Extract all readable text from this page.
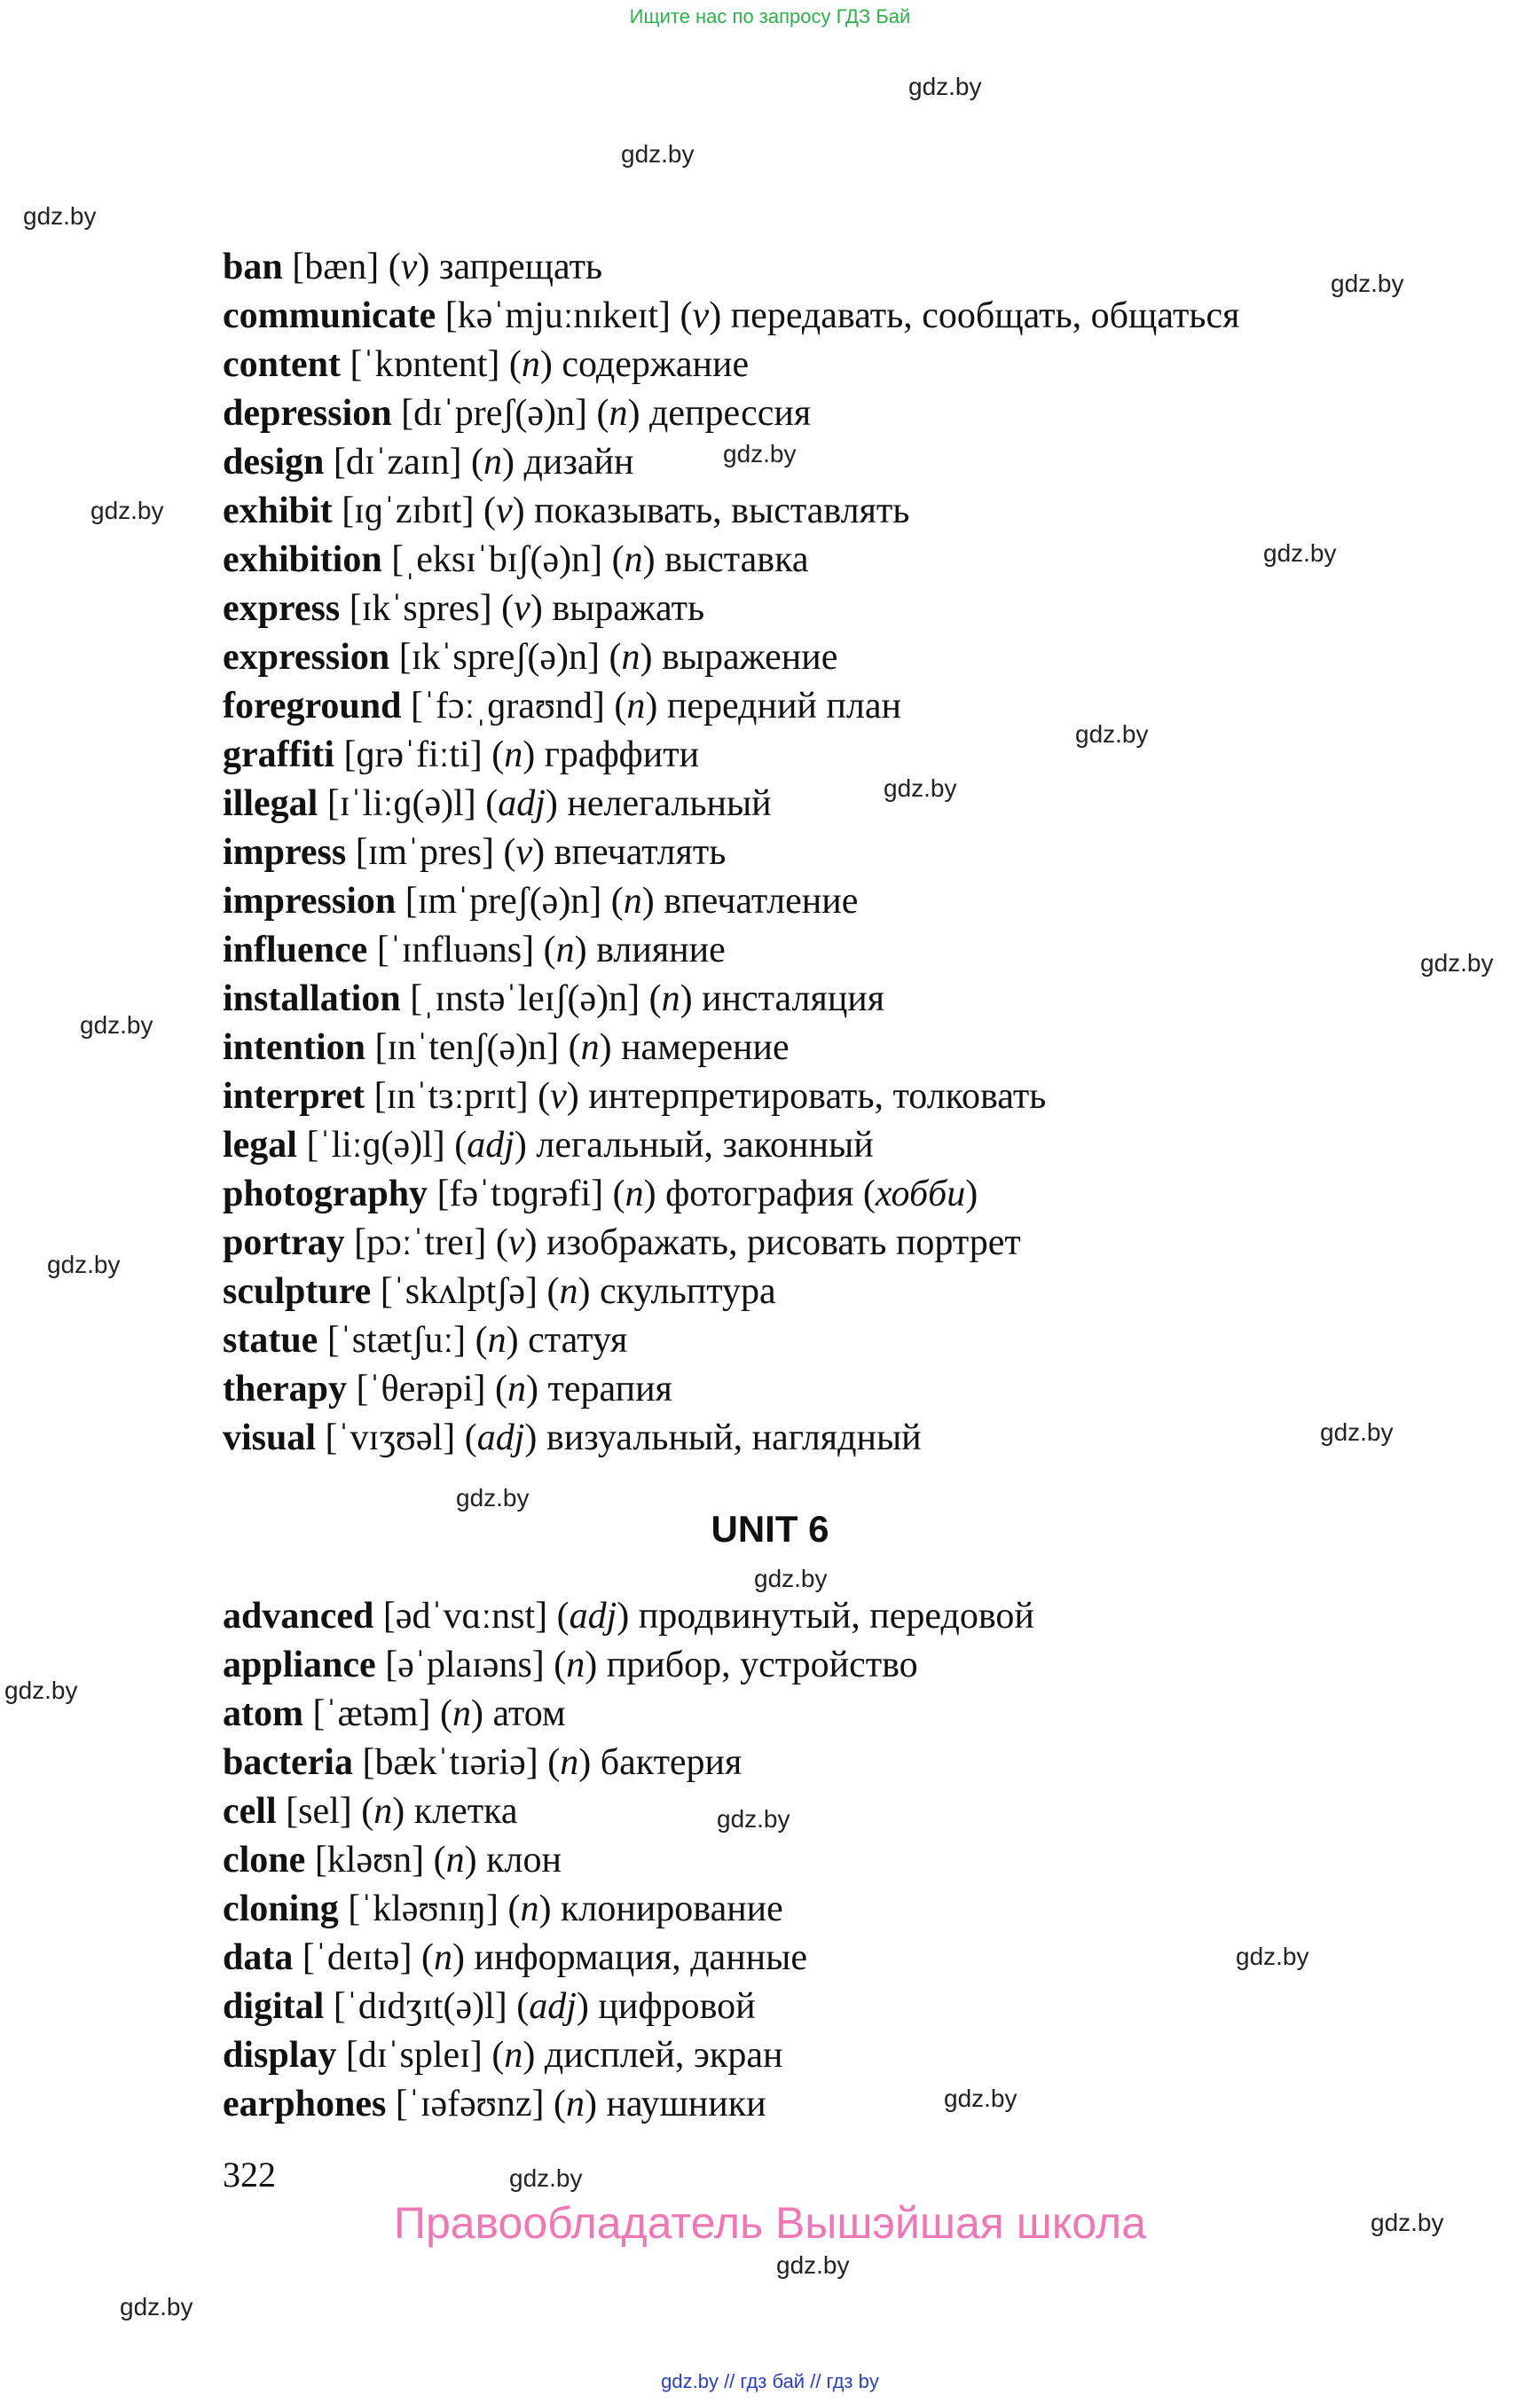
Ищите нас по запросу ГДЗ Бай
gdz.by
gdz.by
gdz.by
gdz.by
gdz.by
gdz.by
gdz.by
gdz.by
gdz.by
gdz.by
gdz.by
gdz.by
gdz.by
gdz.by
gdz.by
gdz.by
gdz.by
gdz.by
gdz.by
gdz.by
gdz.by
gdz.by
gdz.by
ban [bæn] (v) запрещать
communicate [kəˈmjuːnɪkeɪt] (v) передавать, сообщать, общаться
content [ˈkɒntent] (n) содержание
depression [dɪˈpreʃ(ə)n] (n) депрессия
design [dɪˈzaɪn] (n) дизайн
exhibit [ɪɡˈzɪbɪt] (v) показывать, выставлять
exhibition [ˌeksɪˈbɪʃ(ə)n] (n) выставка
express [ɪkˈspres] (v) выражать
expression [ɪkˈspreʃ(ə)n] (n) выражение
foreground [ˈfɔːˌɡraʊnd] (n) передний план
graffiti [ɡrəˈfiːti] (n) граффити
illegal [ɪˈliːɡ(ə)l] (adj) нелегальный
impress [ɪmˈpres] (v) впечатлять
impression [ɪmˈpreʃ(ə)n] (n) впечатление
influence [ˈɪnfluəns] (n) влияние
installation [ˌɪnstəˈleɪʃ(ə)n] (n) инсталяция
intention [ɪnˈtenʃ(ə)n] (n) намерение
interpret [ɪnˈtɜːprɪt] (v) интерпретировать, толковать
legal [ˈliːɡ(ə)l] (adj) легальный, законный
photography [fəˈtɒɡrəfi] (n) фотография (хобби)
portray [pɔːˈtreɪ] (v) изображать, рисовать портрет
sculpture [ˈskʌlptʃə] (n) скульптура
statue [ˈstætʃuː] (n) статуя
therapy [ˈθerəpi] (n) терапия
visual [ˈvɪʒʊəl] (adj) визуальный, наглядный
UNIT 6
advanced [ədˈvɑːnst] (adj) продвинутый, передовой
appliance [əˈplaɪəns] (n) прибор, устройство
atom [ˈætəm] (n) атом
bacteria [bækˈtɪəriə] (n) бактерия
cell [sel] (n) клетка
clone [kləʊn] (n) клон
cloning [ˈkləʊnɪŋ] (n) клонирование
data [ˈdeɪtə] (n) информация, данные
digital [ˈdɪdʒɪt(ə)l] (adj) цифровой
display [dɪˈspleɪ] (n) дисплей, экран
earphones [ˈɪəfəʊnz] (n) наушники
322
Правообладатель Вышэйшая школа
gdz.by // гдз бай // гдз by
